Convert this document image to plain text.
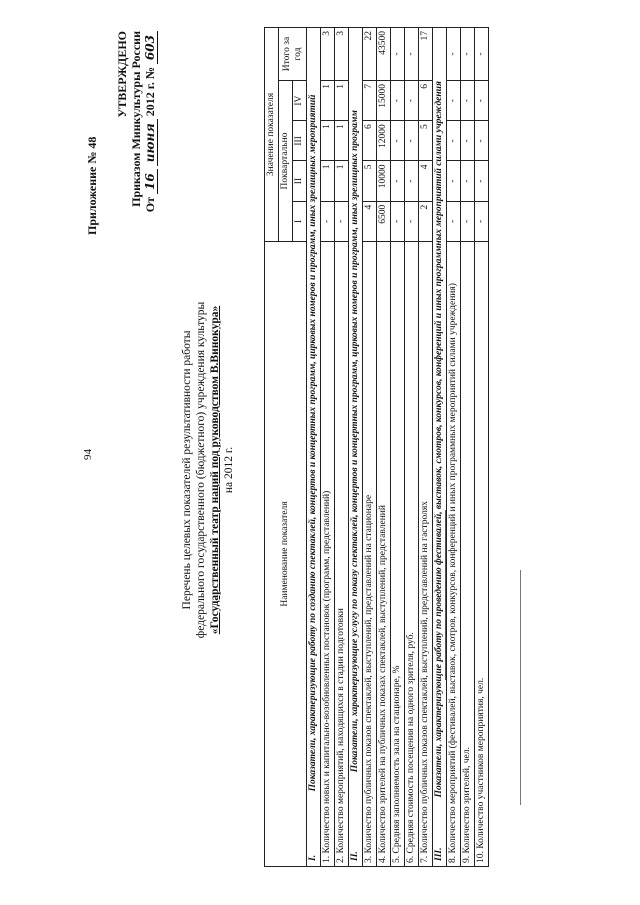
94
Приложение № 48
УТВЕРЖДЕНО Приказом Минкультуры России От 16 июня 2012 г. № 603
Перечень целевых показателей результативности работы федерального государственного (бюджетного) учреждения культуры «Государственный театр наций под руководством В.Винокура» на 2012 г.
Наименование показателя	Значение показателя				
	Поквартально				Итого за год
	I	II	III	IV	

I.
Показатели, характеризующие работу по созданию спектаклей, концертов и концертных программ, цирковых номеров и программ, иных зрелищных мероприятий					
1. Количество новых и капитально-возобновленных постановок (программ, представлений)	-	1	1	1	3
2. Количество мероприятий, находящихся в стадии подготовки	-	1	1	1	3

II.
Показатели, характеризующие услугу по показу спектаклей, концертов и концертных программ, цирковых номеров и программ, иных зрелищных программ					
3. Количество публичных показов спектаклей, выступлений, представлений на стационаре	4	5	6	7	22
4. Количество зрителей на публичных показах спектаклей, выступлений, представлений	6500	10000	12000	15000	43500
5. Средняя заполняемость зала на стационаре, %	-	-	-	-	-
6. Средняя стоимость посещения на одного зрителя, руб.	-	-	-	-	-
7. Количество публичных показов спектаклей, выступлений, представлений на гастролях	2	4	5	6	17

III.
Показатели, характеризующие работу по проведению фестивалей, выставок, смотров, конкурсов, конференций и иных программных мероприятий силами учреждения					
8. Количество мероприятий (фестивалей, выставок, смотров, конкурсов, конференций и иных программных мероприятий силами учреждения)	-	-	-	-	-
9. Количество зрителей, чел.	-	-	-	-	-
10. Количество участников мероприятия, чел.	-	-	-	-	-
